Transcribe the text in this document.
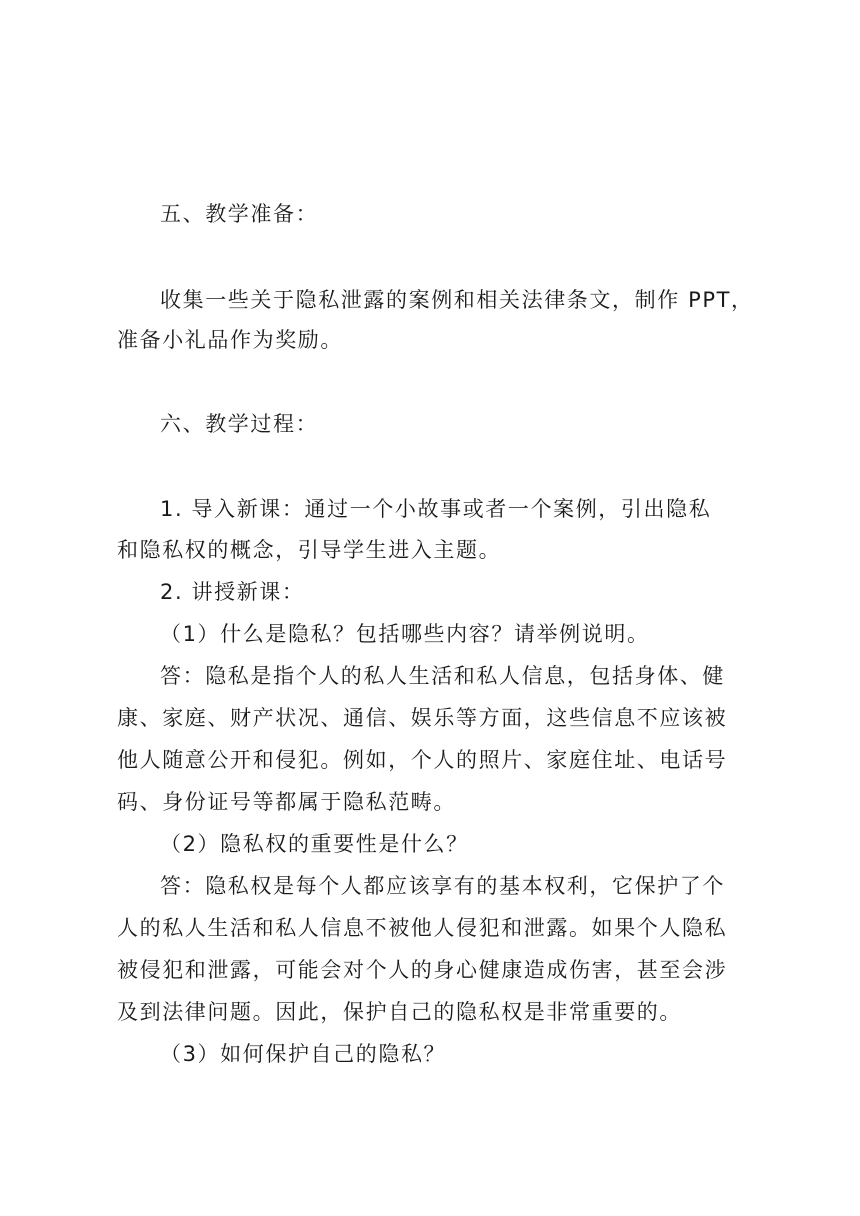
五、教学准备：
收集一些关于隐私泄露的案例和相关法律条文，制作 PPT，
准备小礼品作为奖励。
六、教学过程：
1. 导入新课：通过一个小故事或者一个案例，引出隐私
和隐私权的概念，引导学生进入主题。
2. 讲授新课：
（1）什么是隐私？包括哪些内容？请举例说明。
答：隐私是指个人的私人生活和私人信息，包括身体、健
康、家庭、财产状况、通信、娱乐等方面，这些信息不应该被
他人随意公开和侵犯。例如，个人的照片、家庭住址、电话号
码、身份证号等都属于隐私范畴。
（2）隐私权的重要性是什么？
答：隐私权是每个人都应该享有的基本权利，它保护了个
人的私人生活和私人信息不被他人侵犯和泄露。如果个人隐私
被侵犯和泄露，可能会对个人的身心健康造成伤害，甚至会涉
及到法律问题。因此，保护自己的隐私权是非常重要的。
（3）如何保护自己的隐私？
